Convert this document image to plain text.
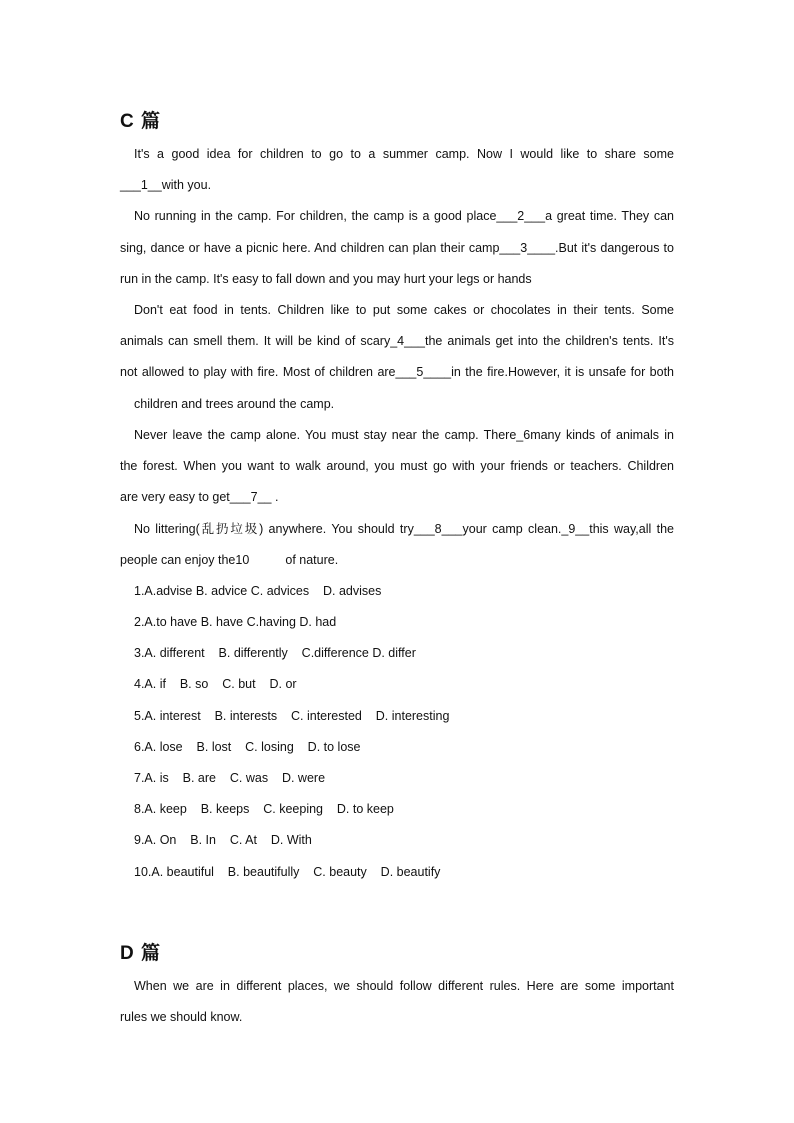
C 篇
It's a good idea for children to go to a summer camp. Now I would like to share some
___1__with you.
No running in the camp. For children, the camp is a good place___2___a great time. They can
sing, dance or have a picnic here. And children can plan their camp___3____.But it's dangerous to
run in the camp. It's easy to fall down and you may hurt your legs or hands
Don't eat food in tents. Children like to put some cakes or chocolates in their tents. Some
animals can smell them. It will be kind of scary_4___the animals get into the children's tents. It's
not allowed to play with fire. Most of children are___5____in the fire.However, it is unsafe for both
children and trees around the camp.
Never leave the camp alone. You must stay near the camp. There_6many kinds of animals in
the forest. When you want to walk around, you must go with your friends or teachers. Children
are very easy to get___7__ .
No littering(乱扔垃圾) anywhere. You should try___8___your camp clean._9__this way,all the
people can enjoy the10	of nature.
1.A.advise B. advice C. advices    D. advises
2.A.to have B. have C.having D. had
3.A. different    B. differently    C.difference D. differ
4.A. if    B. so    C. but    D. or
5.A. interest    B. interests    C. interested    D. interesting
6.A. lose    B. lost    C. losing    D. to lose
7.A. is    B. are    C. was    D. were
8.A. keep    B. keeps    C. keeping    D. to keep
9.A. On    B. In    C. At    D. With
10.A. beautiful    B. beautifully    C. beauty    D. beautify
D 篇
When we are in different places, we should follow different rules. Here are some important
rules we should know.
